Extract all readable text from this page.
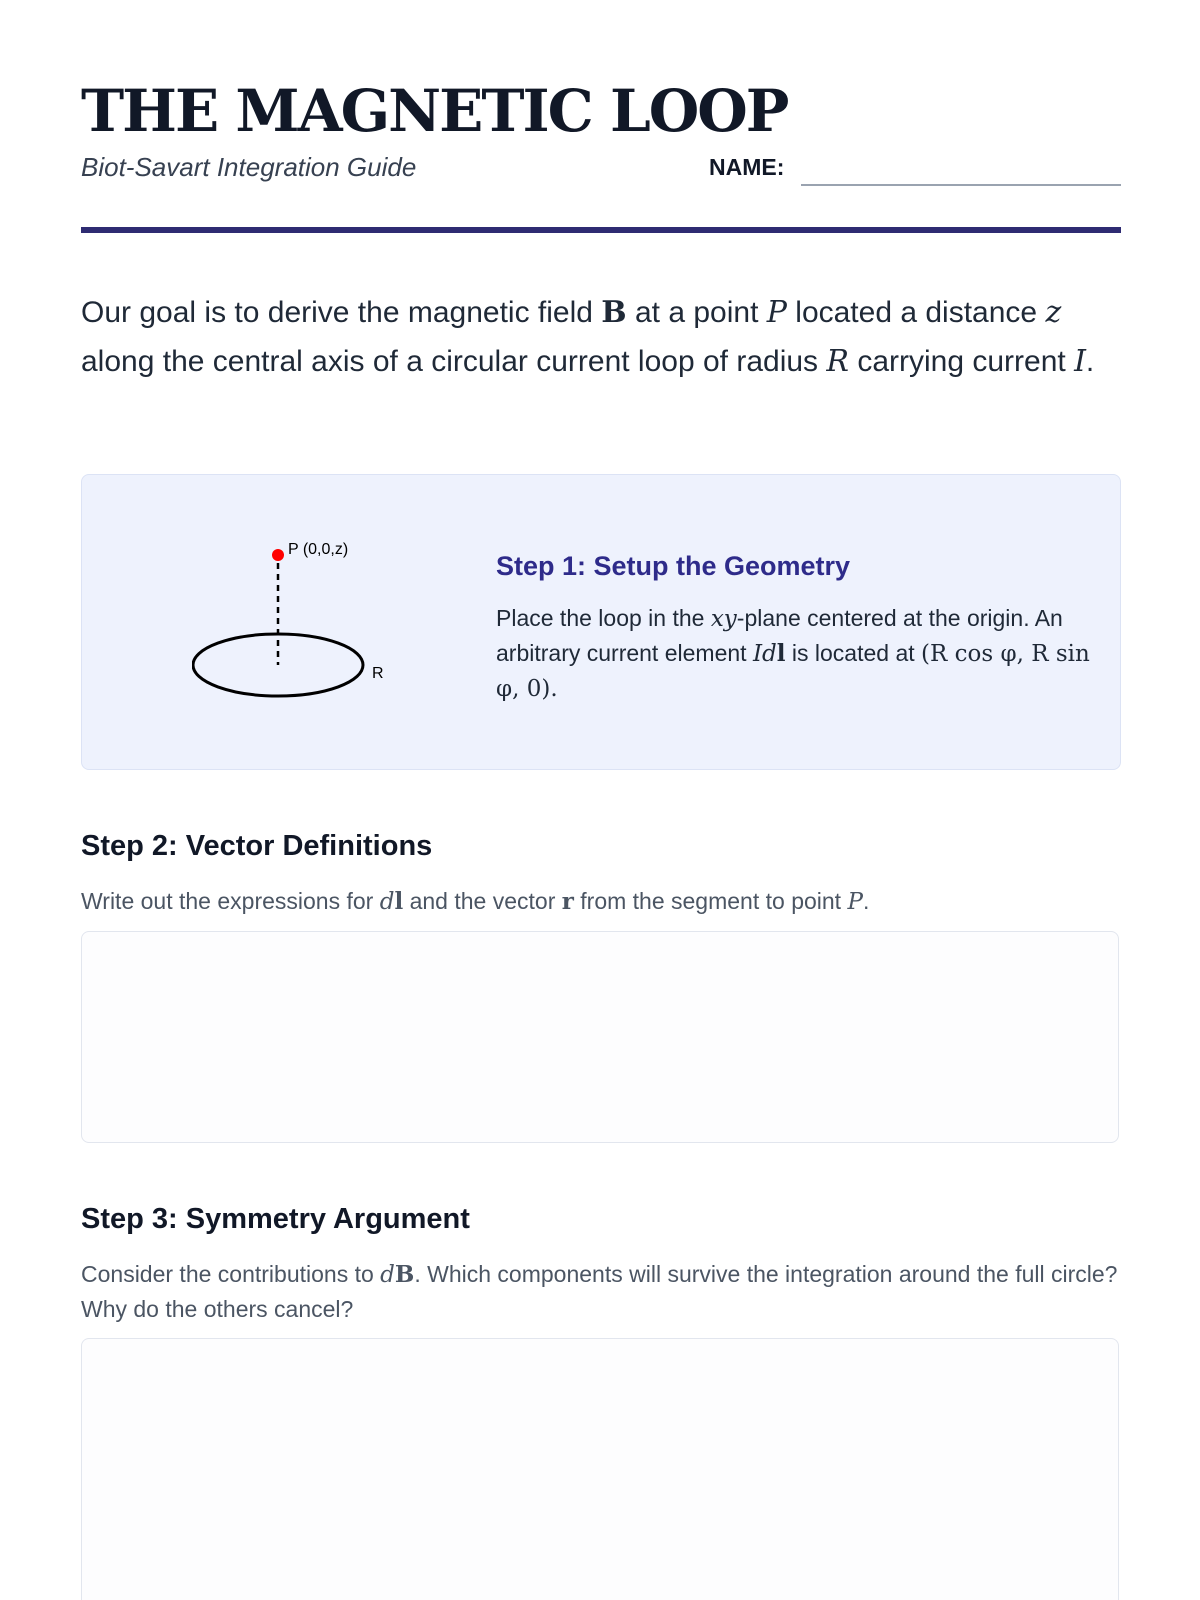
THE MAGNETIC LOOP
Biot-Savart Integration Guide	NAME:

Our goal is to derive the magnetic field B at a point P located a distance z along the central axis of a circular current loop of radius R carrying current I.

P (0,0,z)
R
Step 1: Setup the Geometry

Place the loop in the xy-plane centered at the origin. An arbitrary current element Idl is located at (R cos φ, R sin φ, 0).

Step 2: Vector Definitions

Write out the expressions for dl and the vector r from the segment to point P.

Step 3: Symmetry Argument

Consider the contributions to dB. Which components will survive the integration around the full circle? Why do the others cancel?
